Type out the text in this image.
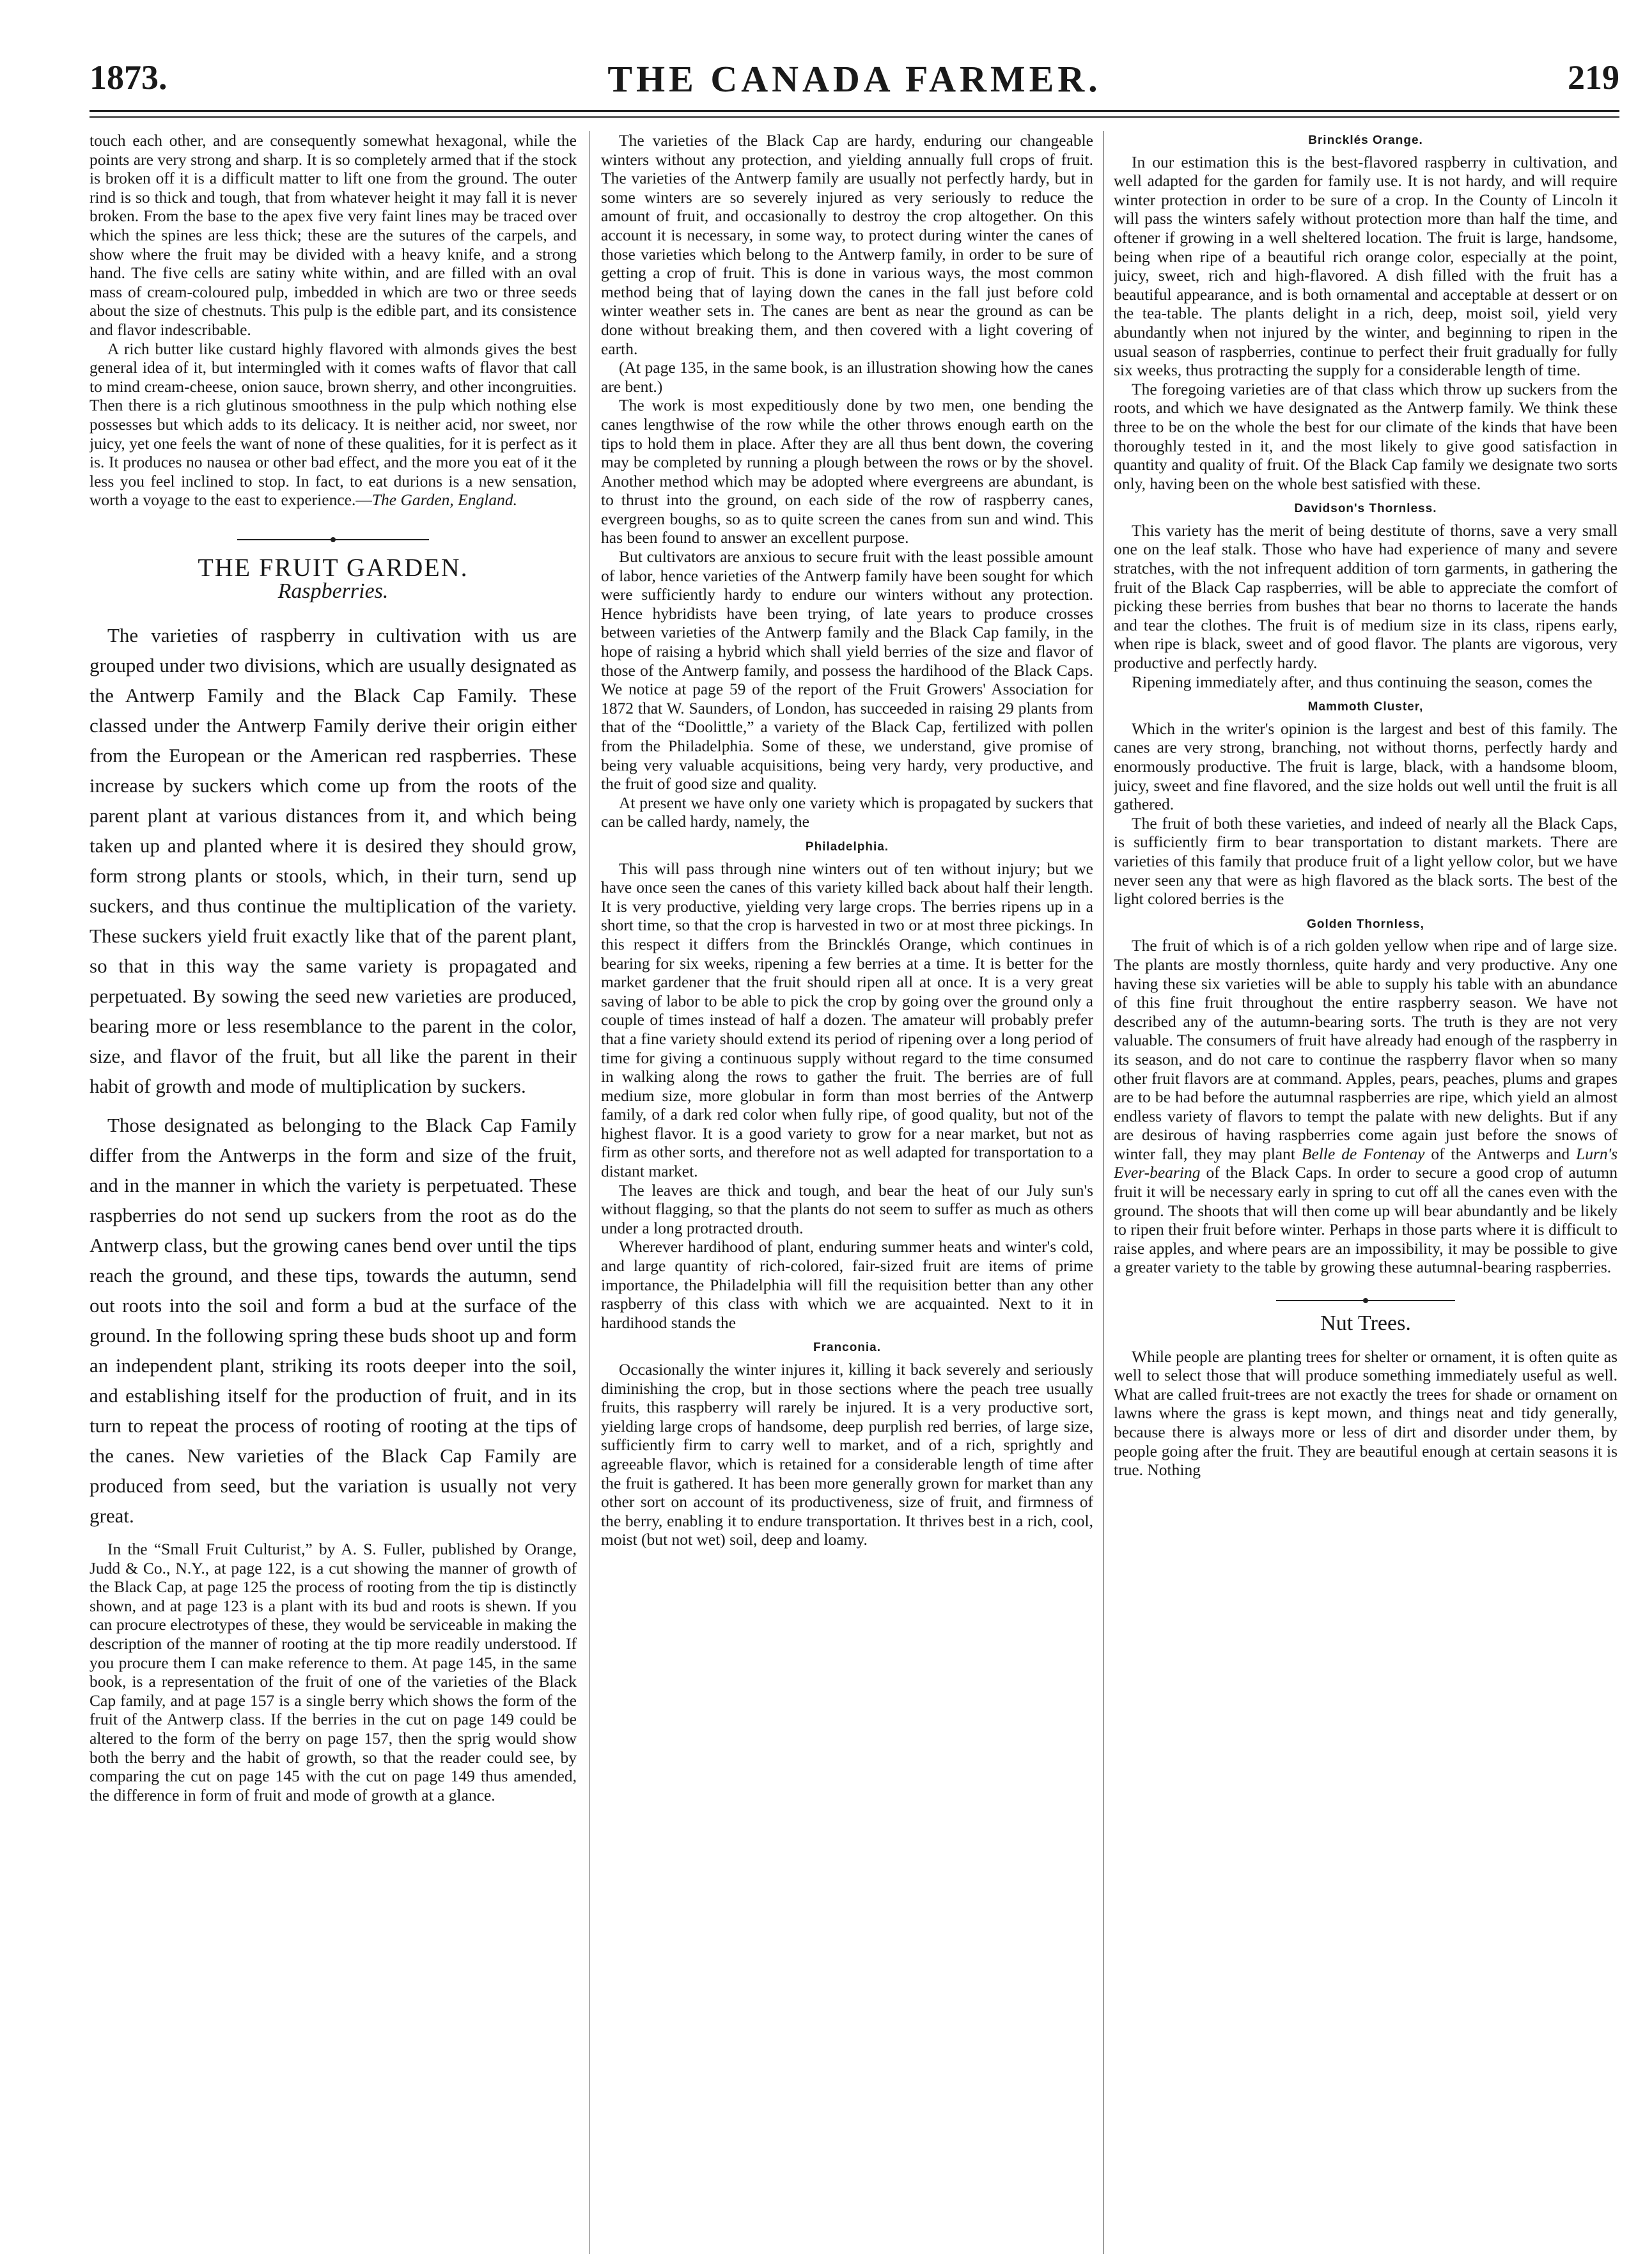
1873.	THE CANADA FARMER.	219

touch each other, and are consequently somewhat hexagonal, while the points are very strong and sharp. It is so completely armed that if the stock is broken off it is a difficult matter to lift one from the ground. The outer rind is so thick and tough, that from whatever height it may fall it is never broken. From the base to the apex five very faint lines may be traced over which the spines are less thick; these are the sutures of the carpels, and show where the fruit may be divided with a heavy knife, and a strong hand. The five cells are satiny white within, and are filled with an oval mass of cream-coloured pulp, imbedded in which are two or three seeds about the size of chestnuts. This pulp is the edible part, and its consistence and flavor indescribable.

A rich butter like custard highly flavored with almonds gives the best general idea of it, but intermingled with it comes wafts of flavor that call to mind cream-cheese, onion sauce, brown sherry, and other incongruities. Then there is a rich glutinous smoothness in the pulp which nothing else possesses but which adds to its delicacy. It is neither acid, nor sweet, nor juicy, yet one feels the want of none of these qualities, for it is perfect as it is. It produces no nausea or other bad effect, and the more you eat of it the less you feel inclined to stop. In fact, to eat durions is a new sensation, worth a voyage to the east to experience.—The Garden, England.

THE FRUIT GARDEN.
Raspberries.

The varieties of raspberry in cultivation with us are grouped under two divisions, which are usually designated as the Antwerp Family and the Black Cap Family. These classed under the Antwerp Family derive their origin either from the European or the American red raspberries. These increase by suckers which come up from the roots of the parent plant at various distances from it, and which being taken up and planted where it is desired they should grow, form strong plants or stools, which, in their turn, send up suckers, and thus continue the multiplication of the variety. These suckers yield fruit exactly like that of the parent plant, so that in this way the same variety is propagated and perpetuated. By sowing the seed new varieties are produced, bearing more or less resemblance to the parent in the color, size, and flavor of the fruit, but all like the parent in their habit of growth and mode of multiplication by suckers.

Those designated as belonging to the Black Cap Family differ from the Antwerps in the form and size of the fruit, and in the manner in which the variety is perpetuated. These raspberries do not send up suckers from the root as do the Antwerp class, but the growing canes bend over until the tips reach the ground, and these tips, towards the autumn, send out roots into the soil and form a bud at the surface of the ground. In the following spring these buds shoot up and form an independent plant, striking its roots deeper into the soil, and establishing itself for the production of fruit, and in its turn to repeat the process of rooting of rooting at the tips of the canes. New varieties of the Black Cap Family are produced from seed, but the variation is usually not very great.

In the “Small Fruit Culturist,” by A. S. Fuller, published by Orange, Judd & Co., N.Y., at page 122, is a cut showing the manner of growth of the Black Cap, at page 125 the process of rooting from the tip is distinctly shown, and at page 123 is a plant with its bud and roots is shewn. If you can procure electrotypes of these, they would be serviceable in making the description of the manner of rooting at the tip more readily understood. If you procure them I can make reference to them. At page 145, in the same book, is a representation of the fruit of one of the varieties of the Black Cap family, and at page 157 is a single berry which shows the form of the fruit of the Antwerp class. If the berries in the cut on page 149 could be altered to the form of the berry on page 157, then the sprig would show both the berry and the habit of growth, so that the reader could see, by comparing the cut on page 145 with the cut on page 149 thus amended, the difference in form of fruit and mode of growth at a glance.

The varieties of the Black Cap are hardy, enduring our changeable winters without any protection, and yielding annually full crops of fruit. The varieties of the Antwerp family are usually not perfectly hardy, but in some winters are so severely injured as very seriously to reduce the amount of fruit, and occasionally to destroy the crop altogether. On this account it is necessary, in some way, to protect during winter the canes of those varieties which belong to the Antwerp family, in order to be sure of getting a crop of fruit. This is done in various ways, the most common method being that of laying down the canes in the fall just before cold winter weather sets in. The canes are bent as near the ground as can be done without breaking them, and then covered with a light covering of earth.

(At page 135, in the same book, is an illustration showing how the canes are bent.)

The work is most expeditiously done by two men, one bending the canes lengthwise of the row while the other throws enough earth on the tips to hold them in place. After they are all thus bent down, the covering may be completed by running a plough between the rows or by the shovel. Another method which may be adopted where evergreens are abundant, is to thrust into the ground, on each side of the row of raspberry canes, evergreen boughs, so as to quite screen the canes from sun and wind. This has been found to answer an excellent purpose.

But cultivators are anxious to secure fruit with the least possible amount of labor, hence varieties of the Antwerp family have been sought for which were sufficiently hardy to endure our winters without any protection. Hence hybridists have been trying, of late years to produce crosses between varieties of the Antwerp family and the Black Cap family, in the hope of raising a hybrid which shall yield berries of the size and flavor of those of the Antwerp family, and possess the hardihood of the Black Caps. We notice at page 59 of the report of the Fruit Growers' Association for 1872 that W. Saunders, of London, has succeeded in raising 29 plants from that of the “Doolittle,” a variety of the Black Cap, fertilized with pollen from the Philadelphia. Some of these, we understand, give promise of being very valuable acquisitions, being very hardy, very productive, and the fruit of good size and quality.

At present we have only one variety which is propagated by suckers that can be called hardy, namely, the

Philadelphia.

This will pass through nine winters out of ten without injury; but we have once seen the canes of this variety killed back about half their length. It is very productive, yielding very large crops. The berries ripens up in a short time, so that the crop is harvested in two or at most three pickings. In this respect it differs from the Brincklés Orange, which continues in bearing for six weeks, ripening a few berries at a time. It is better for the market gardener that the fruit should ripen all at once. It is a very great saving of labor to be able to pick the crop by going over the ground only a couple of times instead of half a dozen. The amateur will probably prefer that a fine variety should extend its period of ripening over a long period of time for giving a continuous supply without regard to the time consumed in walking along the rows to gather the fruit. The berries are of full medium size, more globular in form than most berries of the Antwerp family, of a dark red color when fully ripe, of good quality, but not of the highest flavor. It is a good variety to grow for a near market, but not as firm as other sorts, and therefore not as well adapted for transportation to a distant market.

The leaves are thick and tough, and bear the heat of our July sun's without flagging, so that the plants do not seem to suffer as much as others under a long protracted drouth.

Wherever hardihood of plant, enduring summer heats and winter's cold, and large quantity of rich-colored, fair-sized fruit are items of prime importance, the Philadelphia will fill the requisition better than any other raspberry of this class with which we are acquainted. Next to it in hardihood stands the

Franconia.

Occasionally the winter injures it, killing it back severely and seriously diminishing the crop, but in those sections where the peach tree usually fruits, this raspberry will rarely be injured. It is a very productive sort, yielding large crops of handsome, deep purplish red berries, of large size, sufficiently firm to carry well to market, and of a rich, sprightly and agreeable flavor, which is retained for a considerable length of time after the fruit is gathered. It has been more generally grown for market than any other sort on account of its productiveness, size of fruit, and firmness of the berry, enabling it to endure transportation. It thrives best in a rich, cool, moist (but not wet) soil, deep and loamy.

Brincklés Orange.

In our estimation this is the best-flavored raspberry in cultivation, and well adapted for the garden for family use. It is not hardy, and will require winter protection in order to be sure of a crop. In the County of Lincoln it will pass the winters safely without protection more than half the time, and oftener if growing in a well sheltered location. The fruit is large, handsome, being when ripe of a beautiful rich orange color, especially at the point, juicy, sweet, rich and high-flavored. A dish filled with the fruit has a beautiful appearance, and is both ornamental and acceptable at dessert or on the tea-table. The plants delight in a rich, deep, moist soil, yield very abundantly when not injured by the winter, and beginning to ripen in the usual season of raspberries, continue to perfect their fruit gradually for fully six weeks, thus protracting the supply for a considerable length of time.

The foregoing varieties are of that class which throw up suckers from the roots, and which we have designated as the Antwerp family. We think these three to be on the whole the best for our climate of the kinds that have been thoroughly tested in it, and the most likely to give good satisfaction in quantity and quality of fruit. Of the Black Cap family we designate two sorts only, having been on the whole best satisfied with these.

Davidson's Thornless.

This variety has the merit of being destitute of thorns, save a very small one on the leaf stalk. Those who have had experience of many and severe stratches, with the not infrequent addition of torn garments, in gathering the fruit of the Black Cap raspberries, will be able to appreciate the comfort of picking these berries from bushes that bear no thorns to lacerate the hands and tear the clothes. The fruit is of medium size in its class, ripens early, when ripe is black, sweet and of good flavor. The plants are vigorous, very productive and perfectly hardy.

Ripening immediately after, and thus continuing the season, comes the

Mammoth Cluster,

Which in the writer's opinion is the largest and best of this family. The canes are very strong, branching, not without thorns, perfectly hardy and enormously productive. The fruit is large, black, with a handsome bloom, juicy, sweet and fine flavored, and the size holds out well until the fruit is all gathered.

The fruit of both these varieties, and indeed of nearly all the Black Caps, is sufficiently firm to bear transportation to distant markets. There are varieties of this family that produce fruit of a light yellow color, but we have never seen any that were as high flavored as the black sorts. The best of the light colored berries is the

Golden Thornless,

The fruit of which is of a rich golden yellow when ripe and of large size. The plants are mostly thornless, quite hardy and very productive. Any one having these six varieties will be able to supply his table with an abundance of this fine fruit throughout the entire raspberry season. We have not described any of the autumn-bearing sorts. The truth is they are not very valuable. The consumers of fruit have already had enough of the raspberry in its season, and do not care to continue the raspberry flavor when so many other fruit flavors are at command. Apples, pears, peaches, plums and grapes are to be had before the autumnal raspberries are ripe, which yield an almost endless variety of flavors to tempt the palate with new delights. But if any are desirous of having raspberries come again just before the snows of winter fall, they may plant Belle de Fontenay of the Antwerps and Lurn's Ever-bearing of the Black Caps. In order to secure a good crop of autumn fruit it will be necessary early in spring to cut off all the canes even with the ground. The shoots that will then come up will bear abundantly and be likely to ripen their fruit before winter. Perhaps in those parts where it is difficult to raise apples, and where pears are an impossibility, it may be possible to give a greater variety to the table by growing these autumnal-bearing raspberries.

Nut Trees.

While people are planting trees for shelter or ornament, it is often quite as well to select those that will produce something immediately useful as well. What are called fruit-trees are not exactly the trees for shade or ornament on lawns where the grass is kept mown, and things neat and tidy generally, because there is always more or less of dirt and disorder under them, by people going after the fruit. They are beautiful enough at certain seasons it is true. Nothing
